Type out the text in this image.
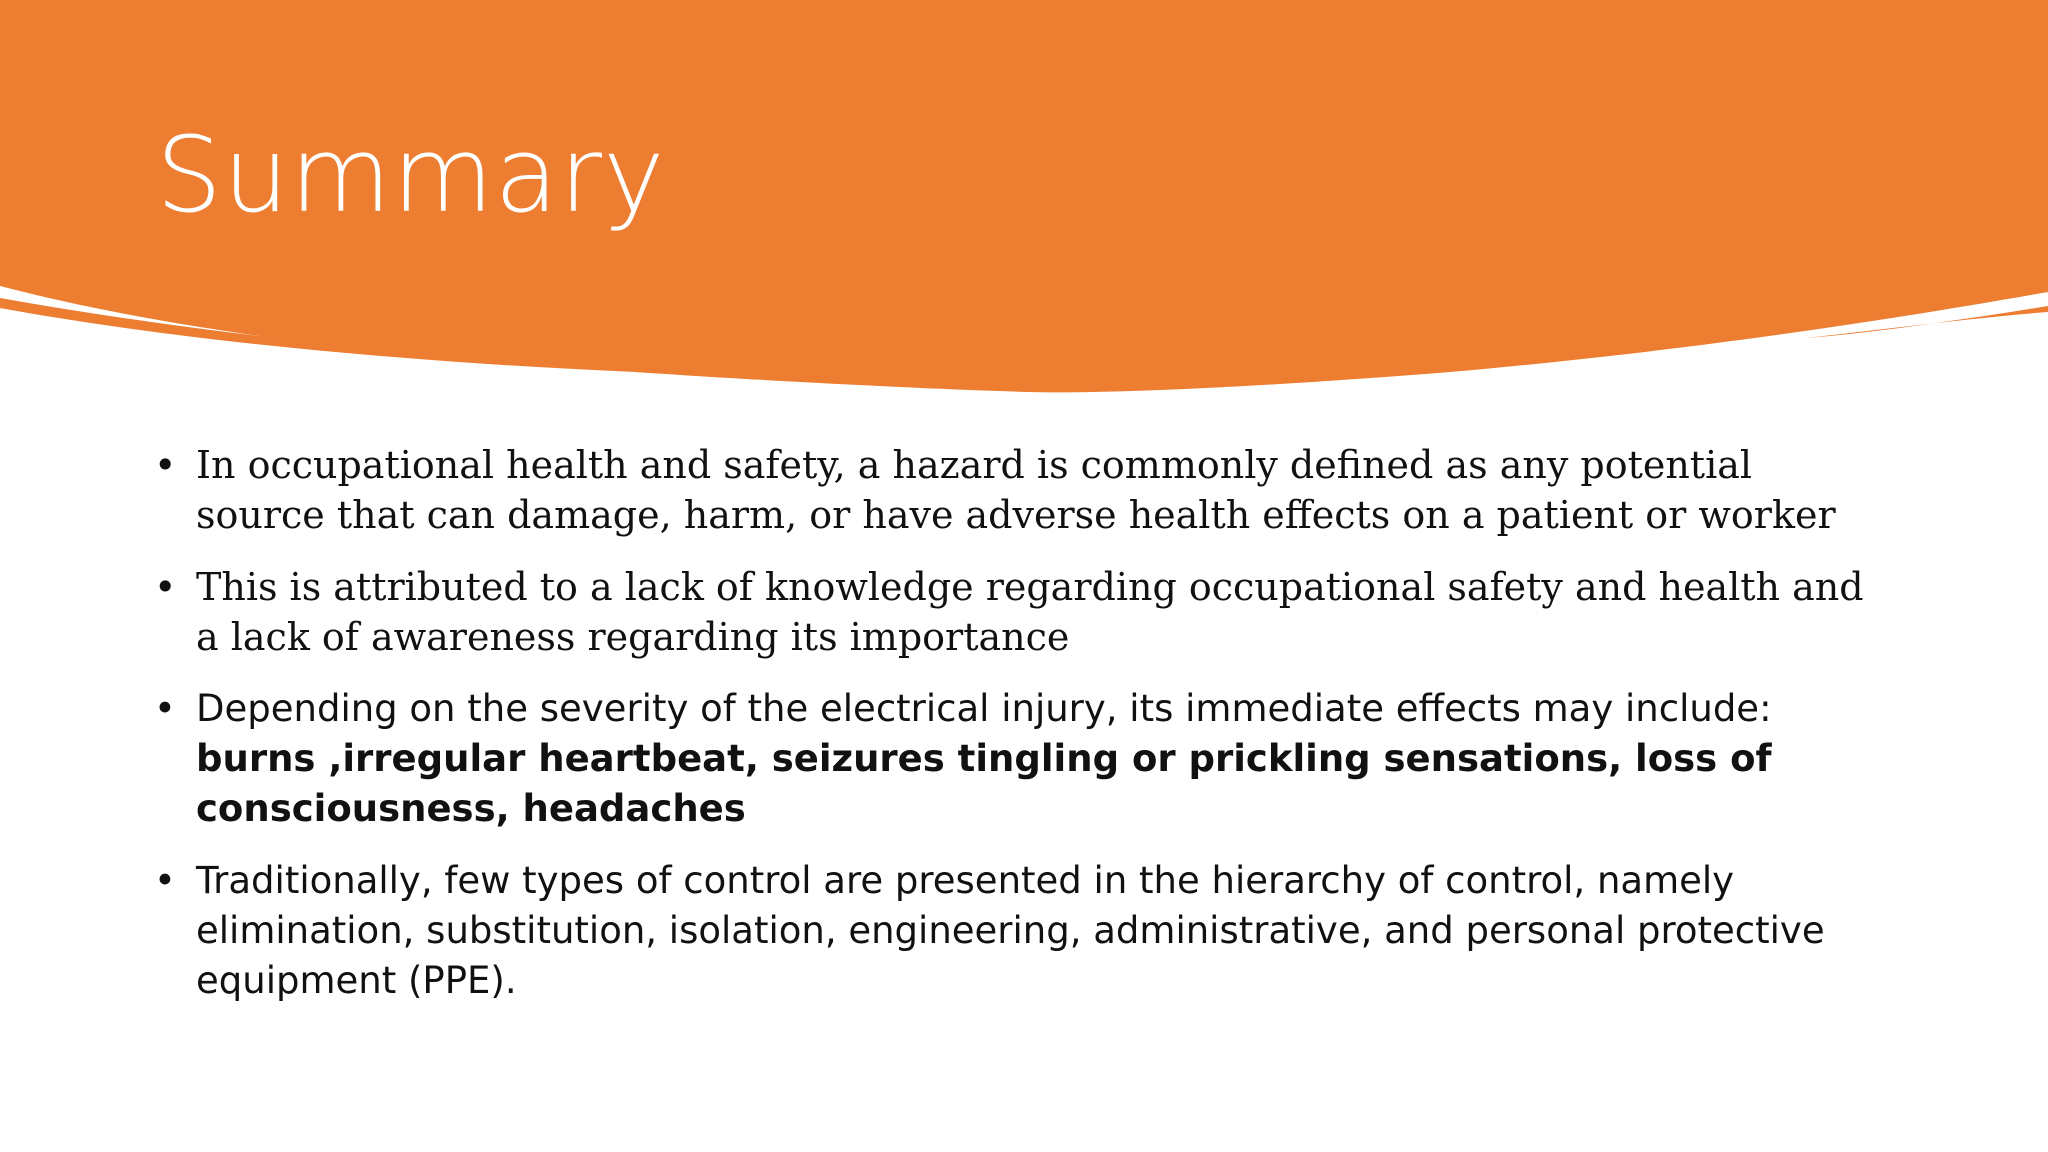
Summary
• In occupational health and safety, a hazard is commonly defined as any potential source that can damage, harm, or have adverse health effects on a patient or worker
• This is attributed to a lack of knowledge regarding occupational safety and health and a lack of awareness regarding its importance
• Depending on the severity of the electrical injury, its immediate effects may include: burns ,irregular heartbeat, seizures tingling or prickling sensations, loss of consciousness, headaches
• Traditionally, few types of control are presented in the hierarchy of control, namely elimination, substitution, isolation, engineering, administrative, and personal protective equipment (PPE).
